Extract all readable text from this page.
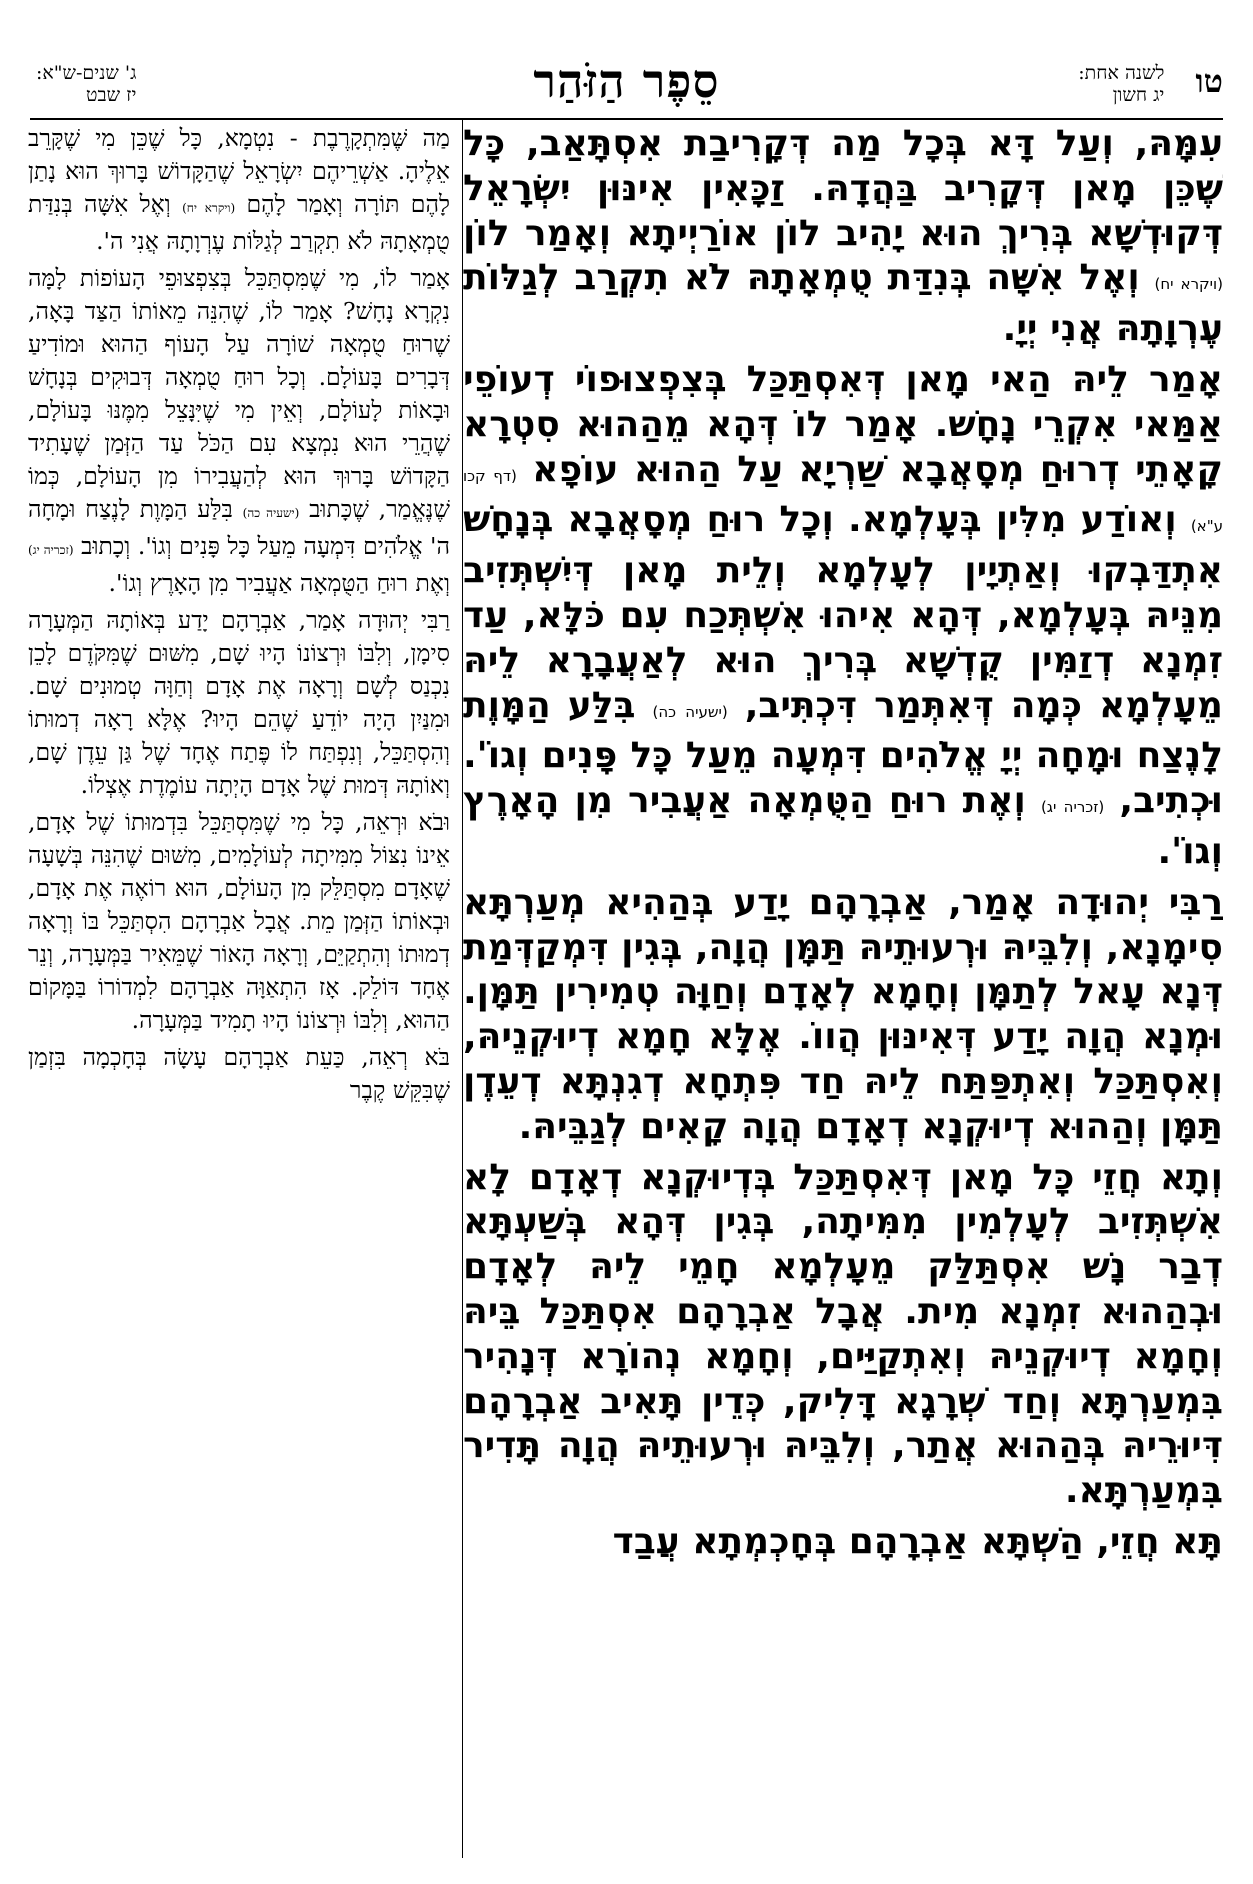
טו לשנה אחת:
יג חשון
סֵפֶר הַזֹּהַר
ג' שנים-ש"א:
יז שבט

עִמָּהּ, וְעַל דָּא בְּכָל מַה דְּקָרִיבַת אִסְתָּאַב, כָּל שֶׁכֵּן מָאן דְּקָרִיב בַּהֲדָהּ. זַכָּאִין אִינּוּן יִשְׂרָאֵל דְּקוּדְשָׁא בְּרִיךְ הוּא יָהִיב לוֹן אוֹרַיְיתָא וְאָמַר לוֹן (ויקרא יח) וְאֶל אִשָּׁה בְּנִדַּת טֻמְאָתָהּ לֹא תִקְרַב לְגַלּוֹת עֶרְוָתָהּ אֲנִי יְיָ.

אָמַר לֵיהּ הַאי מָאן דְּאִסְתַּכַּל בְּצִפְצוּפוֹי דְעוֹפֵי אַמַּאי אִקְרֵי נָחָשׁ. אָמַר לוֹ דְּהָא מֵהַהוּא סִטְרָא קָאָתֵי דְרוּחַ מְסָאֲבָא שַׁרְיָא עַל הַהוּא עוֹפָא (דף קכו ע"א) וְאוֹדַע מִלִּין בְּעָלְמָא. וְכָל רוּחַ מְסָאֲבָא בְּנָחָשׁ אִתְדַּבְקוּ וְאַתְיָין לְעָלְמָא וְלֵית מָאן דְּיִשְׁתְּזִיב מִנֵּיהּ בְּעָלְמָא, דְּהָא אִיהוּ אִשְׁתְּכַח עִם כֹּלָּא, עַד זִמְנָא דְזַמִּין קֻדְשָׁא בְּרִיךְ הוּא לְאַעֲבָרָא לֵיהּ מֵעָלְמָא כְּמָה דְּאִתְּמַר דִּכְתִּיב, (ישעיה כה) בִּלַּע הַמָּוֶת לָנֶצַח וּמָחָה יְיָ אֱלֹהִים דִּמְעָה מֵעַל כָּל פָּנִים וְגוֹ'. וּכְתִיב, (זכריה יג) וְאֶת רוּחַ הַטֻּמְאָה אַעֲבִיר מִן הָאָרֶץ וְגוֹ'.

רַבִּי יְהוּדָה אָמַר, אַבְרָהָם יָדַע בְּהַהִיא מְעַרְתָּא סִימָנָא, וְלִבֵּיהּ וּרְעוּתֵיהּ תַּמָּן הֲוָה, בְּגִין דִּמְקַדְּמַת דְּנָא עָאל לְתַמָּן וְחָמָא לְאָדָם וְחַוָּה טְמִירִין תַּמָּן. וּמְנָא הֲוָה יָדַע דְּאִינּוּן הֲווֹ. אֶלָּא חָמָא דְיוּקְנֵיהּ, וְאִסְתַּכַּל וְאִתְפַּתַּח לֵיהּ חַד פִּתְחָא דְגִנְתָּא דְעֵדֶן תַּמָּן וְהַהוּא דְיוּקְנָא דְאָדָם הֲוָה קָאִים לְגַבֵּיהּ.

וְתָא חֲזֵי כָּל מָאן דְּאִסְתַּכַּל בְּדְיוּקְנָא דְאָדָם לָא אִשְׁתְּזִיב לְעָלְמִין מִמִּיתָה, בְּגִין דְּהָא בְּשַׁעְתָּא דְבַר נָשׁ אִסְתַּלַּק מֵעָלְמָא חָמֵי לֵיהּ לְאָדָם וּבְהַהוּא זִמְנָא מִית. אֲבָל אַבְרָהָם אִסְתַּכַּל בֵּיהּ וְחָמָא דְיוּקְנֵיהּ וְאִתְקַיַּים, וְחָמָא נְהוֹרָא דְּנָהִיר בִּמְעַרְתָּא וְחַד שְׁרָגָא דָּלִיק, כְּדֵין תָּאִיב אַבְרָהָם דִּיוּרֵיהּ בְּהַהוּא אֲתַר, וְלִבֵּיהּ וּרְעוּתֵיהּ הֲוָה תָּדִיר בִּמְעַרְתָּא.

תָּא חֲזֵי, הַשְׁתָּא אַבְרָהָם בְּחָכְמְתָא עֲבַד

מַה שֶּׁמִּתְקָרֶבֶת - נִטְמָא, כָּל שֶׁכֵּן מִי שֶׁקָּרֵב אֵלֶיהָ. אַשְׁרֵיהֶם יִשְׂרָאֵל שֶׁהַקָּדוֹשׁ בָּרוּךְ הוּא נָתַן לָהֶם תּוֹרָה וְאָמַר לָהֶם (ויקרא יח) וְאֶל אִשָּׁה בְּנִדַּת טֻמְאָתָהּ לֹא תִקְרַב לְגַלּוֹת עֶרְוָתָהּ אֲנִי ה'.

אָמַר לוֹ, מִי שֶׁמִּסְתַּכֵּל בְּצִפְצוּפֵי הָעוֹפוֹת לָמָּה נִקְרָא נָחָשׁ? אָמַר לוֹ, שֶׁהִנֵּה מֵאוֹתוֹ הַצַּד בָּאָה, שֶׁרוּחַ טֻמְאָה שׁוֹרָה עַל הָעוֹף הַהוּא וּמוֹדִיעַ דְּבָרִים בָּעוֹלָם. וְכָל רוּחַ טֻמְאָה דְּבוּקִים בְּנָחָשׁ וּבָאוֹת לָעוֹלָם, וְאֵין מִי שֶׁיִּנָּצֵל מִמֶּנּוּ בָּעוֹלָם, שֶׁהֲרֵי הוּא נִמְצָא עִם הַכֹּל עַד הַזְּמַן שֶׁעָתִיד הַקָּדוֹשׁ בָּרוּךְ הוּא לְהַעֲבִירוֹ מִן הָעוֹלָם, כְּמוֹ שֶׁנֶּאֱמַר, שֶׁכָּתוּב (ישעיה כה) בִּלַּע הַמָּוֶת לָנֶצַח וּמָחָה ה' אֱלֹהִים דִּמְעָה מֵעַל כָּל פָּנִים וְגוֹ'. וְכָתוּב (זכריה יג) וְאֶת רוּחַ הַטֻּמְאָה אַעֲבִיר מִן הָאָרֶץ וְגוֹ'.

רַבִּי יְהוּדָה אָמַר, אַבְרָהָם יָדַע בְּאוֹתָהּ הַמְּעָרָה סִימָן, וְלִבּוֹ וּרְצוֹנוֹ הָיוּ שָׁם, מִשּׁוּם שֶׁמִּקֹּדֶם לָכֵן נִכְנַס לְשָׁם וְרָאָה אֶת אָדָם וְחַוָּה טְמוּנִים שָׁם. וּמִנַּיִן הָיָה יוֹדֵעַ שֶׁהֵם הָיוּ? אֶלָּא רָאָה דְמוּתוֹ וְהִסְתַּכֵּל, וְנִפְתַּח לוֹ פֶּתַח אֶחָד שֶׁל גַּן עֵדֶן שָׁם, וְאוֹתָהּ דְּמוּת שֶׁל אָדָם הָיְתָה עוֹמֶדֶת אֶצְלוֹ.

וּבֹא וּרְאֵה, כָּל מִי שֶׁמִּסְתַּכֵּל בִּדְמוּתוֹ שֶׁל אָדָם, אֵינוֹ נִצּוֹל מִמִּיתָה לְעוֹלָמִים, מִשּׁוּם שֶׁהִנֵּה בְּשָׁעָה שֶׁאָדָם מִסְתַּלֵּק מִן הָעוֹלָם, הוּא רוֹאֶה אֶת אָדָם, וּבְאוֹתוֹ הַזְּמַן מֵת. אֲבָל אַבְרָהָם הִסְתַּכֵּל בּוֹ וְרָאָה דְמוּתוֹ וְהִתְקַיֵּם, וְרָאָה הָאוֹר שֶׁמֵּאִיר בַּמְּעָרָה, וְנֵר אֶחָד דּוֹלֵק. אָז הִתְאַוָּה אַבְרָהָם לִמְדוֹרוֹ בַּמָּקוֹם הַהוּא, וְלִבּוֹ וּרְצוֹנוֹ הָיוּ תָמִיד בַּמְּעָרָה.

בֹּא רְאֵה, כַּעֵת אַבְרָהָם עָשָׂה בְּחָכְמָה בִּזְמַן שֶׁבִּקֵּשׁ קֶבֶר
